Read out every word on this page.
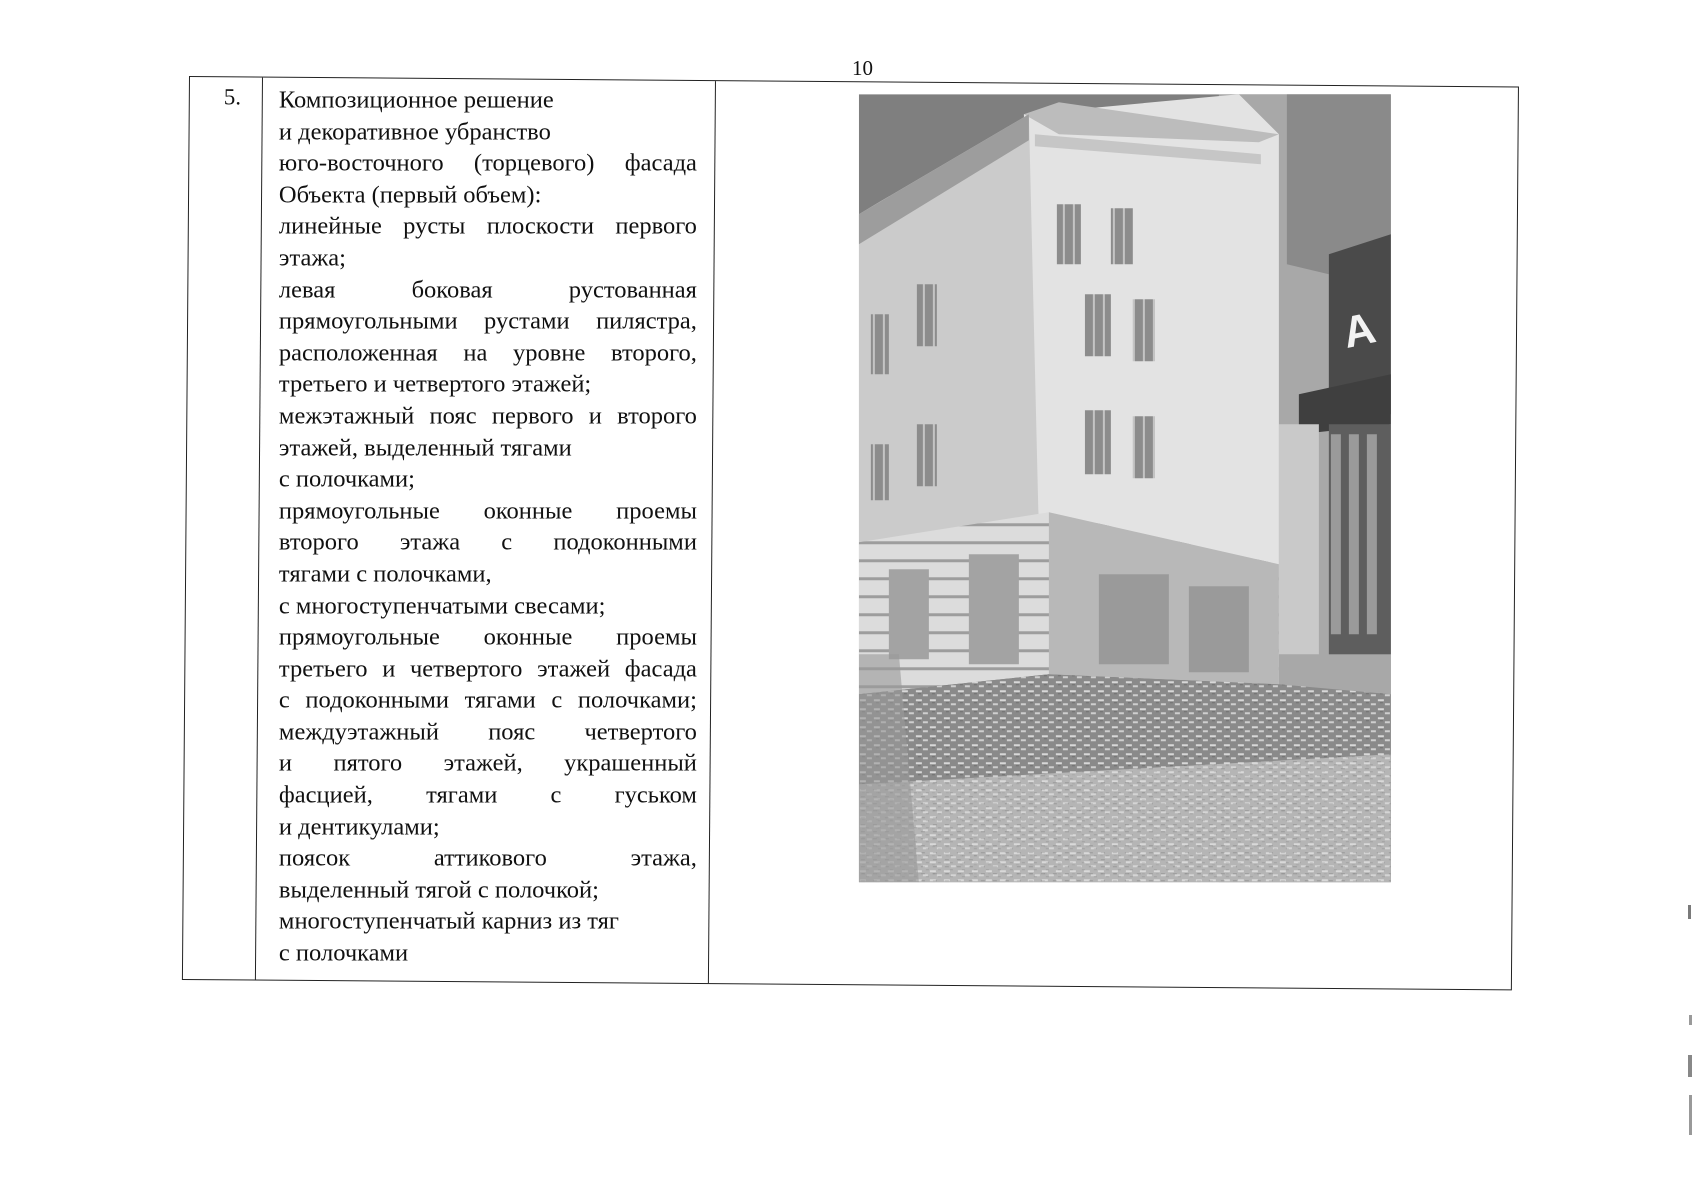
10
5. Композиционное решение

и декоративное убранство

юго-восточного (торцевого) фасада

Объекта (первый объем):

линейные русты плоскости первого

этажа;

левая боковая рустованная

прямоугольными рустами пилястра,

расположенная на уровне второго,

третьего и четвертого этажей;

межэтажный пояс первого и второго

этажей, выделенный тягами

с полочками;

прямоугольные оконные проемы

второго этажа с подоконными

тягами с полочками,

с многоступенчатыми свесами;

прямоугольные оконные проемы

третьего и четвертого этажей фасада

с подоконными тягами с полочками;

междуэтажный пояс четвертого

и пятого этажей, украшенный

фасцией, тягами с гуськом

и дентикулами;

поясок аттикового этажа,

выделенный тягой с полочкой;

многоступенчатый карниз из тяг

с полочками

A
